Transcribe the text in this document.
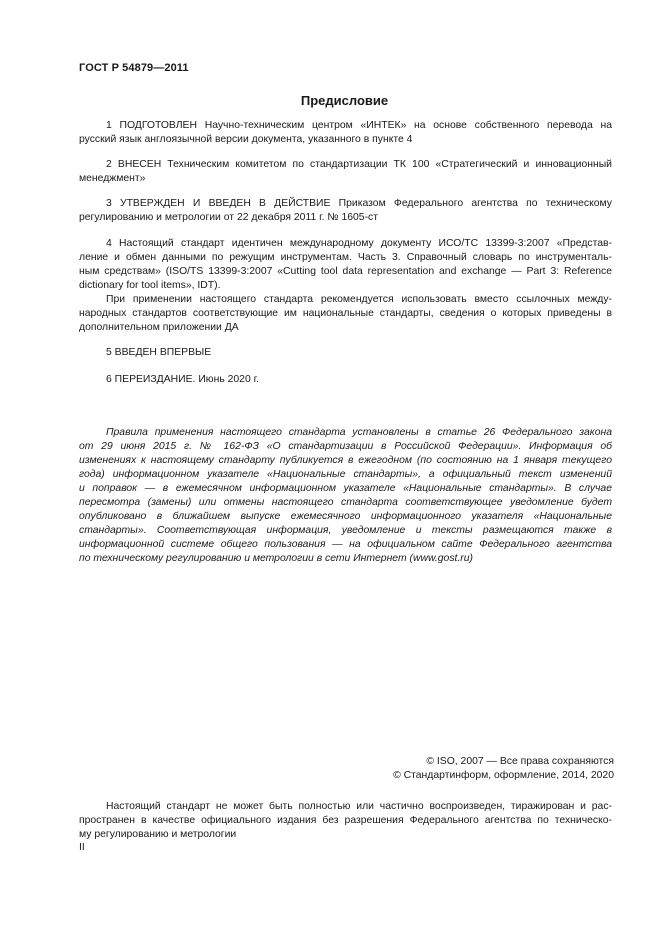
ГОСТ Р 54879—2011
Предисловие

1 ПОДГОТОВЛЕН Научно-техническим центром «ИНТЕК» на основе собственного перевода на

русский язык англоязычной версии документа, указанного в пункте 4

2 ВНЕСЕН Техническим комитетом по стандартизации ТК 100 «Стратегический и инновационный

менеджмент»

3 УТВЕРЖДЕН И ВВЕДЕН В ДЕЙСТВИЕ Приказом Федерального агентства по техническому

регулированию и метрологии от 22 декабря 2011 г. № 1605-ст

4 Настоящий стандарт идентичен международному документу ИСО/ТС 13399-3:2007 «Представ-

ление и обмен данными по режущим инструментам. Часть 3. Справочный словарь по инструменталь-

ным средствам» (ISO/TS 13399-3:2007 «Cutting tool data representation and exchange — Part 3: Reference

dictionary for tool items», IDT).

При применении настоящего стандарта рекомендуется использовать вместо ссылочных между-

народных стандартов соответствующие им национальные стандарты, сведения о которых приведены в

дополнительном приложении ДА

5 ВВЕДЕН ВПЕРВЫЕ

6 ПЕРЕИЗДАНИЕ. Июнь 2020 г.

Правила применения настоящего стандарта установлены в статье 26 Федерального закона

от 29 июня 2015 г. № 162-ФЗ «О стандартизации в Российской Федерации». Информация об

изменениях к настоящему стандарту публикуется в ежегодном (по состоянию на 1 января текущего

года) информационном указателе «Национальные стандарты», а официальный текст изменений

и поправок — в ежемесячном информационном указателе «Национальные стандарты». В случае

пересмотра (замены) или отмены настоящего стандарта соответствующее уведомление будет

опубликовано в ближайшем выпуске ежемесячного информационного указателя «Национальные

стандарты». Соответствующая информация, уведомление и тексты размещаются также в

информационной системе общего пользования — на официальном сайте Федерального агентства

по техническому регулированию и метрологии в сети Интернет (www.gost.ru)

© ISO, 2007 — Все права сохраняются
© Стандартинформ, оформление, 2014, 2020

Настоящий стандарт не может быть полностью или частично воспроизведен, тиражирован и рас-

пространен в качестве официального издания без разрешения Федерального агентства по техническо-

му регулированию и метрологии

II
